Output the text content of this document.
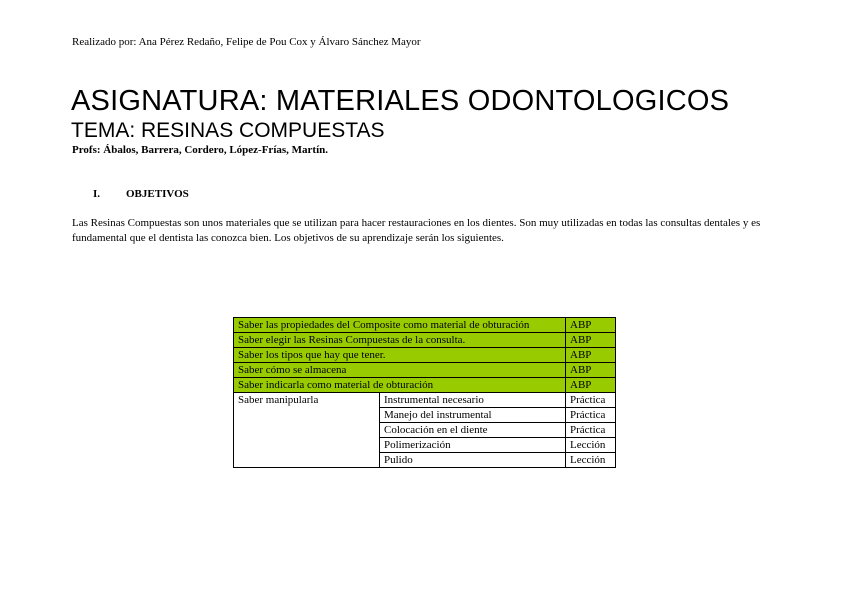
Realizado por: Ana Pérez Redaño, Felipe de Pou Cox y Álvaro Sánchez Mayor
ASIGNATURA: MATERIALES ODONTOLOGICOS
TEMA: RESINAS COMPUESTAS
Profs: Ábalos, Barrera, Cordero, López-Frías, Martín.
I. OBJETIVOS
Las Resinas Compuestas son unos materiales que se utilizan para hacer restauraciones en los dientes. Son muy utilizadas en todas las consultas dentales y es fundamental que el dentista las conozca bien. Los objetivos de su aprendizaje serán los siguientes.
Saber las propiedades del Composite como material de obturación		ABP
Saber elegir las Resinas Compuestas de la consulta.		ABP
Saber los tipos que hay que tener.		ABP
Saber cómo se almacena		ABP
Saber indicarla como material de obturación		ABP
Saber manipularla	Instrumental necesario	Práctica
	Manejo del instrumental	Práctica
	Colocación en el diente	Práctica
	Polimerización	Lección
	Pulido	Lección
